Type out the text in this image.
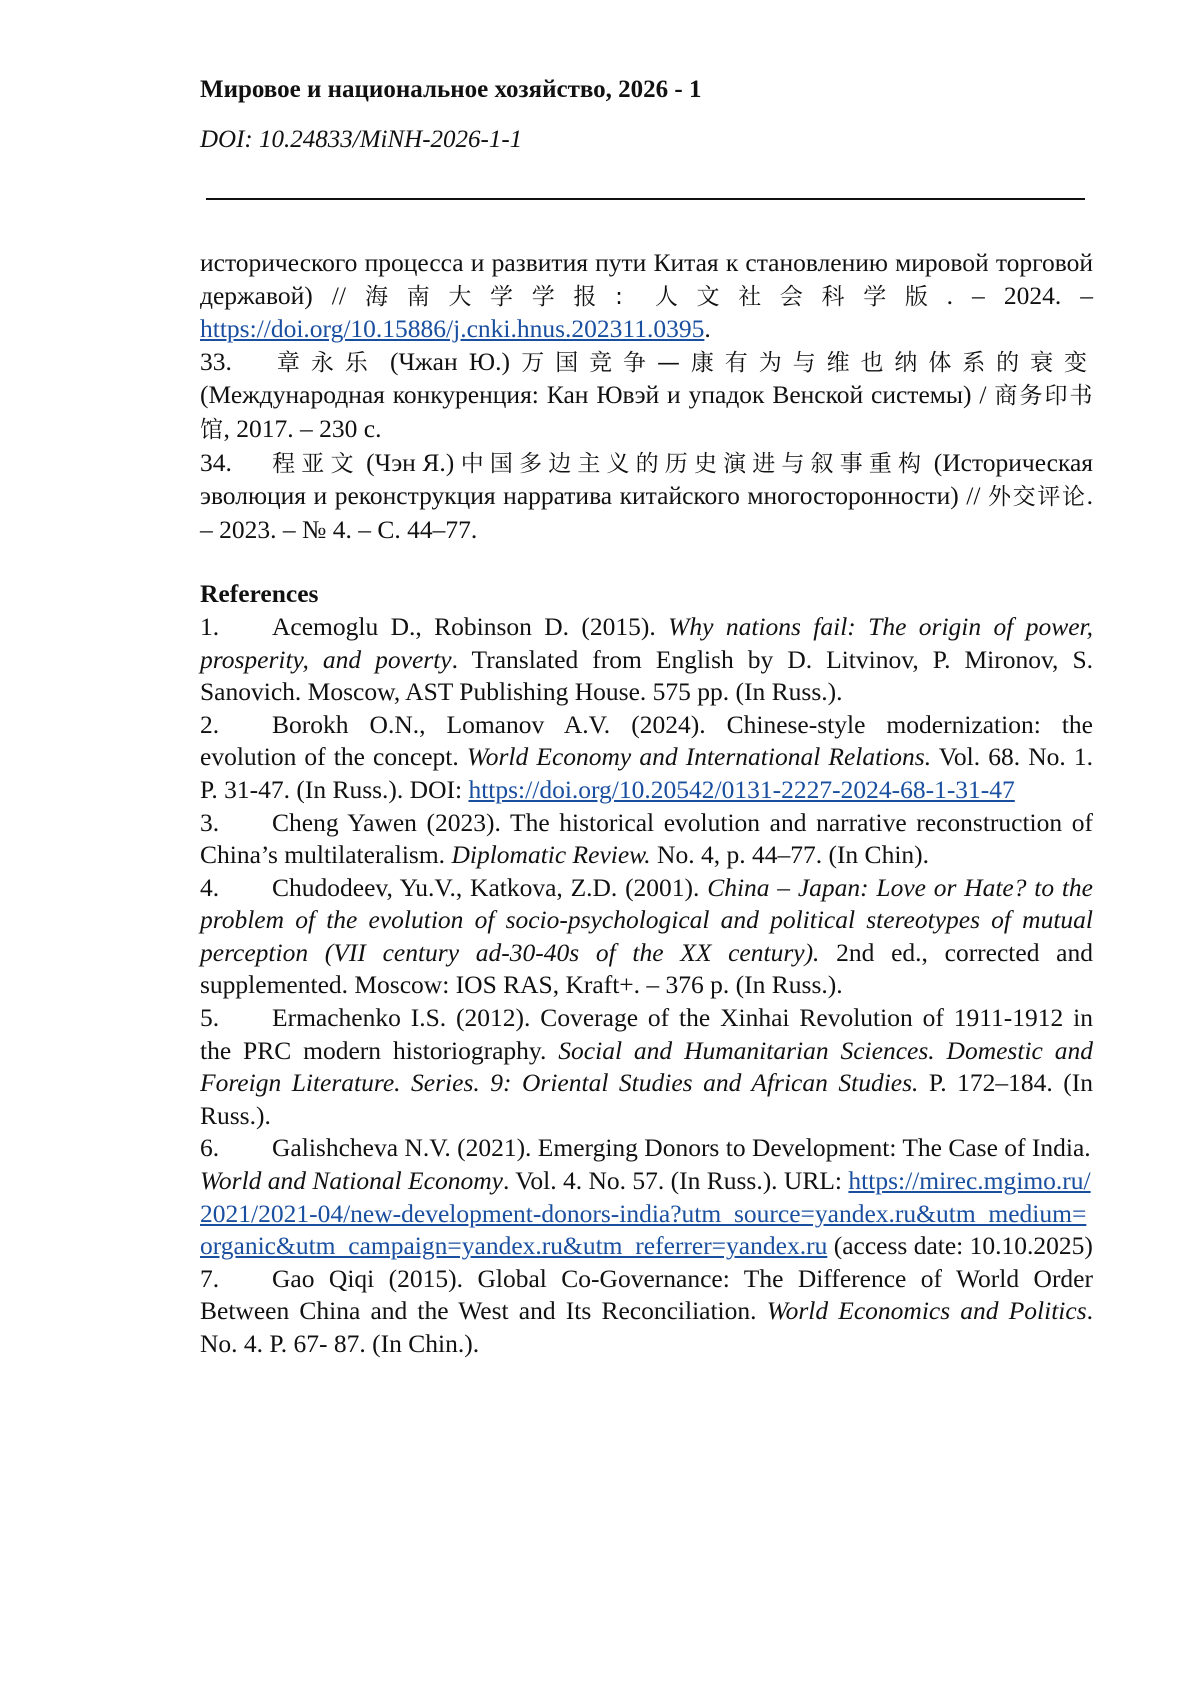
Мировое и национальное хозяйство, 2026 - 1
DOI: 10.24833/MiNH-2026-1-1

исторического процесса и развития пути Китая к становлению мировой торговой державой) // 海南大学学报: 人文社会科学版. – 2024. – https://doi.org/10.15886/j.cnki.hnus.202311.0395.

33. 章永乐 (Чжан Ю.) 万国竞争—康有为与维也纳体系的衰变 (Международная конкуренция: Кан Ювэй и упадок Венской системы) / 商务印书馆, 2017. – 230 с.

34. 程亚文 (Чэн Я.) 中国多边主义的历史演进与叙事重构 (Историческая эволюция и реконструкция нарратива китайского многосторонности) // 外交评论. – 2023. – № 4. – С. 44–77.

References

1. Acemoglu D., Robinson D. (2015). Why nations fail: The origin of power, prosperity, and poverty. Translated from English by D. Litvinov, P. Mironov, S. Sanovich. Moscow, AST Publishing House. 575 pp. (In Russ.).

2. Borokh O.N., Lomanov A.V. (2024). Chinese-style modernization: the evolution of the concept. World Economy and International Relations. Vol. 68. No. 1. P. 31-47. (In Russ.). DOI: https://doi.org/10.20542/0131-2227-2024-68-1-31-47

3. Cheng Yawen (2023). The historical evolution and narrative reconstruction of China’s multilateralism. Diplomatic Review. No. 4, p. 44–77. (In Chin).

4. Chudodeev, Yu.V., Katkova, Z.D. (2001). China – Japan: Love or Hate? to the problem of the evolution of socio-psychological and political stereotypes of mutual perception (VII century ad-30-40s of the XX century). 2nd ed., corrected and supplemented. Moscow: IOS RAS, Kraft+. – 376 p. (In Russ.).

5. Ermachenko I.S. (2012). Coverage of the Xinhai Revolution of 1911-1912 in the PRC modern historiography. Social and Humanitarian Sciences. Domestic and Foreign Literature. Series. 9: Oriental Studies and African Studies. P. 172–184. (In Russ.).

6. Galishcheva N.V. (2021). Emerging Donors to Development: The Case of India. World and National Economy. Vol. 4. No. 57. (In Russ.). URL: https://mirec.mgimo.ru/2021/2021-04/new-development-donors-india?utm_source=yandex.ru&utm_medium=organic&utm_campaign=yandex.ru&utm_referrer=yandex.ru (access date: 10.10.2025)

7. Gao Qiqi (2015). Global Co-Governance: The Difference of World Order Between China and the West and Its Reconciliation. World Economics and Politics. No. 4. P. 67- 87. (In Chin.).
